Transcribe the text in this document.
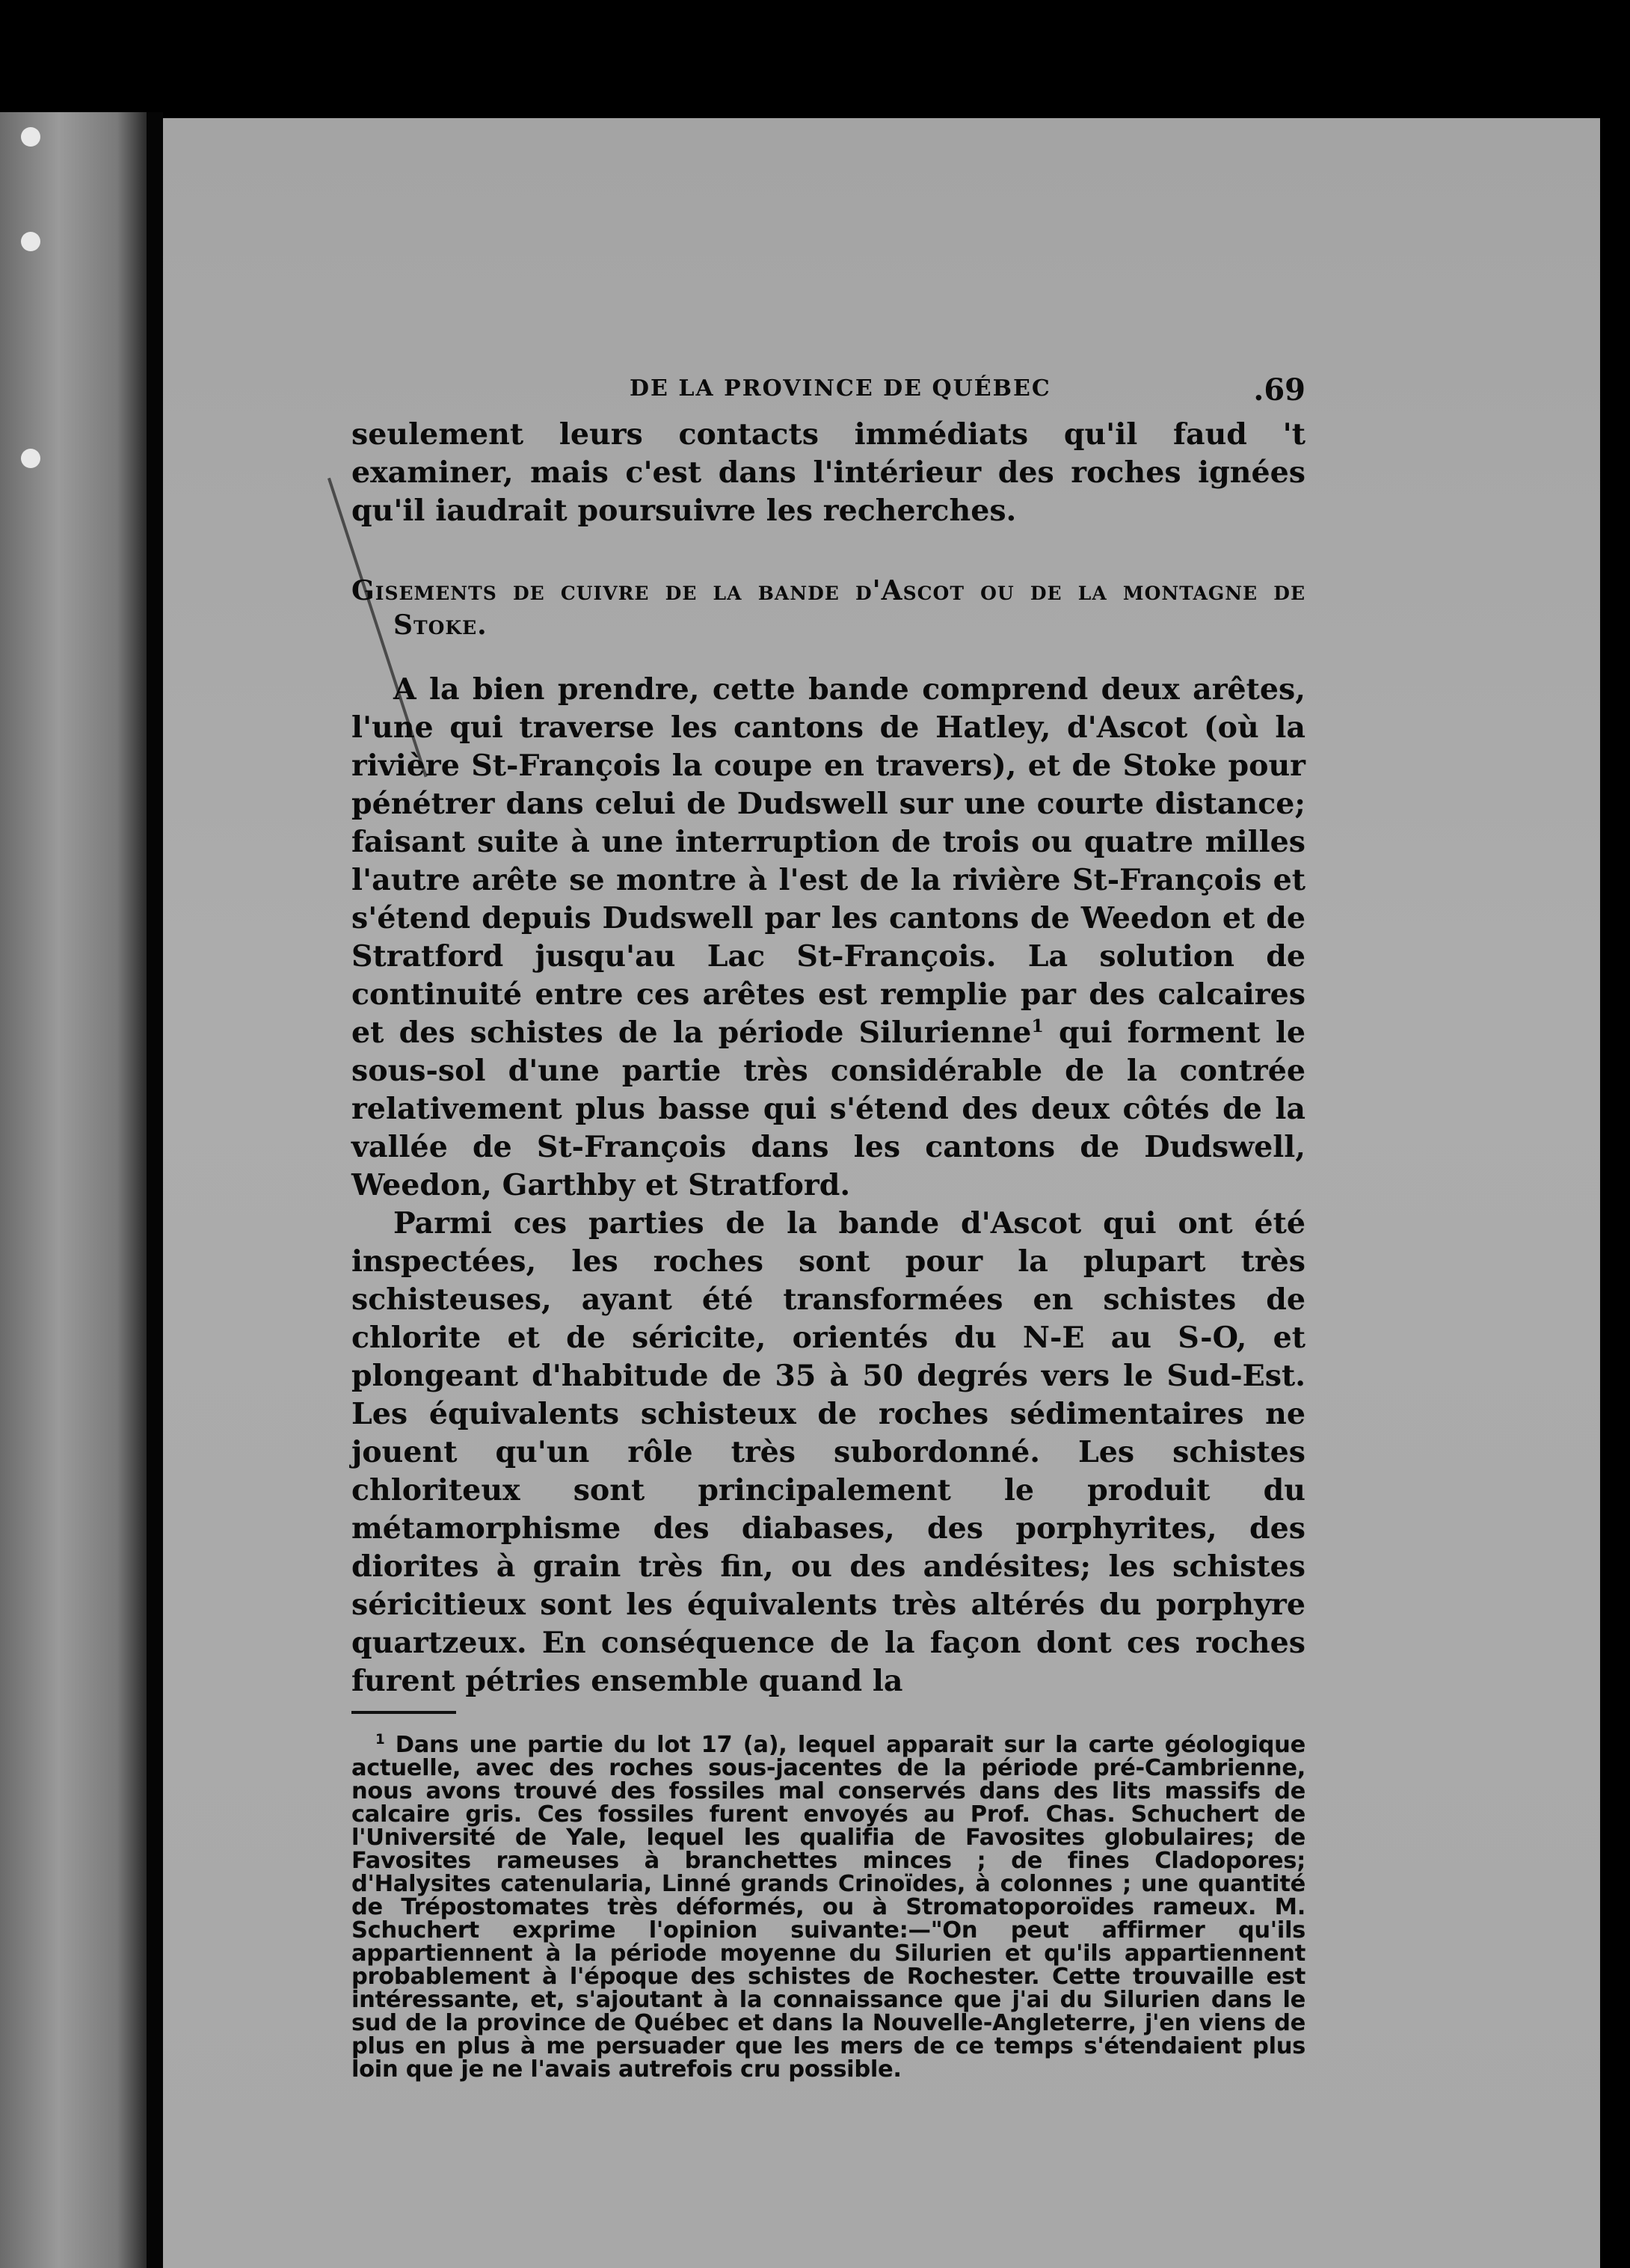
DE LA PROVINCE DE QUÉBEC	.69

seulement leurs contacts immédiats qu'il faud 't examiner, mais c'est dans l'intérieur des roches ignées qu'il iaudrait poursuivre les recherches.

Gisements de cuivre de la bande d'Ascot ou de la montagne de Stoke.

A la bien prendre, cette bande comprend deux arêtes, l'une qui traverse les cantons de Hatley, d'Ascot (où la rivière St-François la coupe en travers), et de Stoke pour pénétrer dans celui de Dudswell sur une courte distance; faisant suite à une interruption de trois ou quatre milles l'autre arête se montre à l'est de la rivière St-François et s'étend depuis Dudswell par les cantons de Weedon et de Stratford jusqu'au Lac St-François. La solution de continuité entre ces arêtes est remplie par des calcaires et des schistes de la période Silurienne$^1$ qui forment le sous-sol d'une partie très considérable de la contrée relativement plus basse qui s'étend des deux côtés de la vallée de St-François dans les cantons de Dudswell, Weedon, Garthby et Stratford.

Parmi ces parties de la bande d'Ascot qui ont été inspectées, les roches sont pour la plupart très schisteuses, ayant été transformées en schistes de chlorite et de séricite, orientés du N-E au S-O, et plongeant d'habitude de 35 à 50 degrés vers le Sud-Est. Les équivalents schisteux de roches sédimentaires ne jouent qu'un rôle très subordonné. Les schistes chloriteux sont principalement le produit du métamorphisme des diabases, des porphyrites, des diorites à grain très fin, ou des andésites; les schistes séricitieux sont les équivalents très altérés du porphyre quartzeux. En conséquence de la façon dont ces roches furent pétries ensemble quand la

$^1$ Dans une partie du lot 17 (a), lequel apparait sur la carte géologique actuelle, avec des roches sous-jacentes de la période pré-Cambrienne, nous avons trouvé des fossiles mal conservés dans des lits massifs de calcaire gris. Ces fossiles furent envoyés au Prof. Chas. Schuchert de l'Université de Yale, lequel les qualifia de Favosites globulaires; de Favosites rameuses à branchettes minces ; de fines Cladopores; d'Halysites catenularia, Linné grands Crinoïdes, à colonnes ; une quantité de Trépostomates très déformés, ou à Stromatoporoïdes rameux. M. Schuchert exprime l'opinion suivante:—"On peut affirmer qu'ils appartiennent à la période moyenne du Silurien et qu'ils appartiennent probablement à l'époque des schistes de Rochester. Cette trouvaille est intéressante, et, s'ajoutant à la connaissance que j'ai du Silurien dans le sud de la province de Québec et dans la Nouvelle-Angleterre, j'en viens de plus en plus à me persuader que les mers de ce temps s'étendaient plus loin que je ne l'avais autrefois cru possible.
